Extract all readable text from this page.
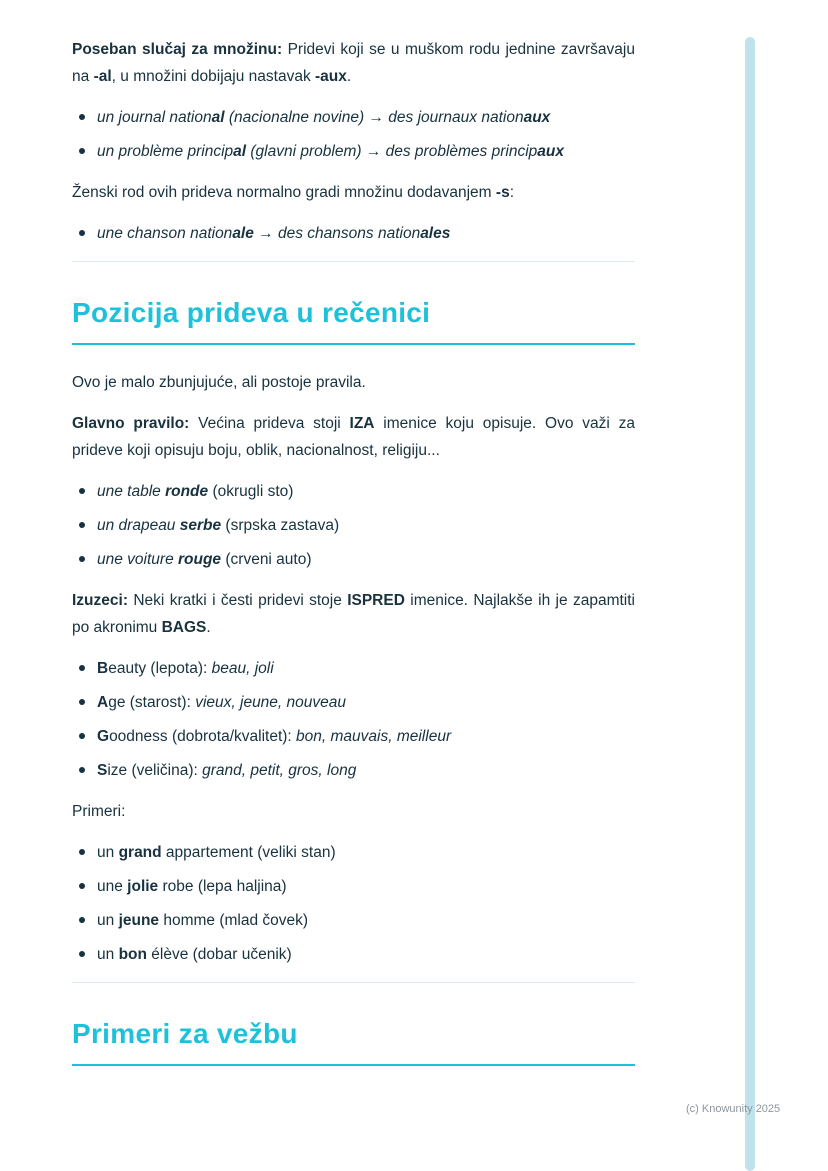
Poseban slučaj za množinu: Pridevi koji se u muškom rodu jednine završavaju na -al, u množini dobijaju nastavak -aux.

un journal national (nacionalne novine) → des journaux nationaux
un problème principal (glavni problem) → des problèmes principaux

Ženski rod ovih prideva normalno gradi množinu dodavanjem -s:

une chanson nationale → des chansons nationales
Pozicija prideva u rečenici

Ovo je malo zbunjujuće, ali postoje pravila.

Glavno pravilo: Većina prideva stoji IZA imenice koju opisuje. Ovo važi za prideve koji opisuju boju, oblik, nacionalnost, religiju...

une table ronde (okrugli sto)
un drapeau serbe (srpska zastava)
une voiture rouge (crveni auto)

Izuzeci: Neki kratki i česti pridevi stoje ISPRED imenice. Najlakše ih je zapamtiti po akronimu BAGS.

Beauty (lepota): beau, joli
Age (starost): vieux, jeune, nouveau
Goodness (dobrota/kvalitet): bon, mauvais, meilleur
Size (veličina): grand, petit, gros, long

Primeri:

un grand appartement (veliki stan)
une jolie robe (lepa haljina)
un jeune homme (mlad čovek)
un bon élève (dobar učenik)
Primeri za vežbu
(c) Knowunity 2025
